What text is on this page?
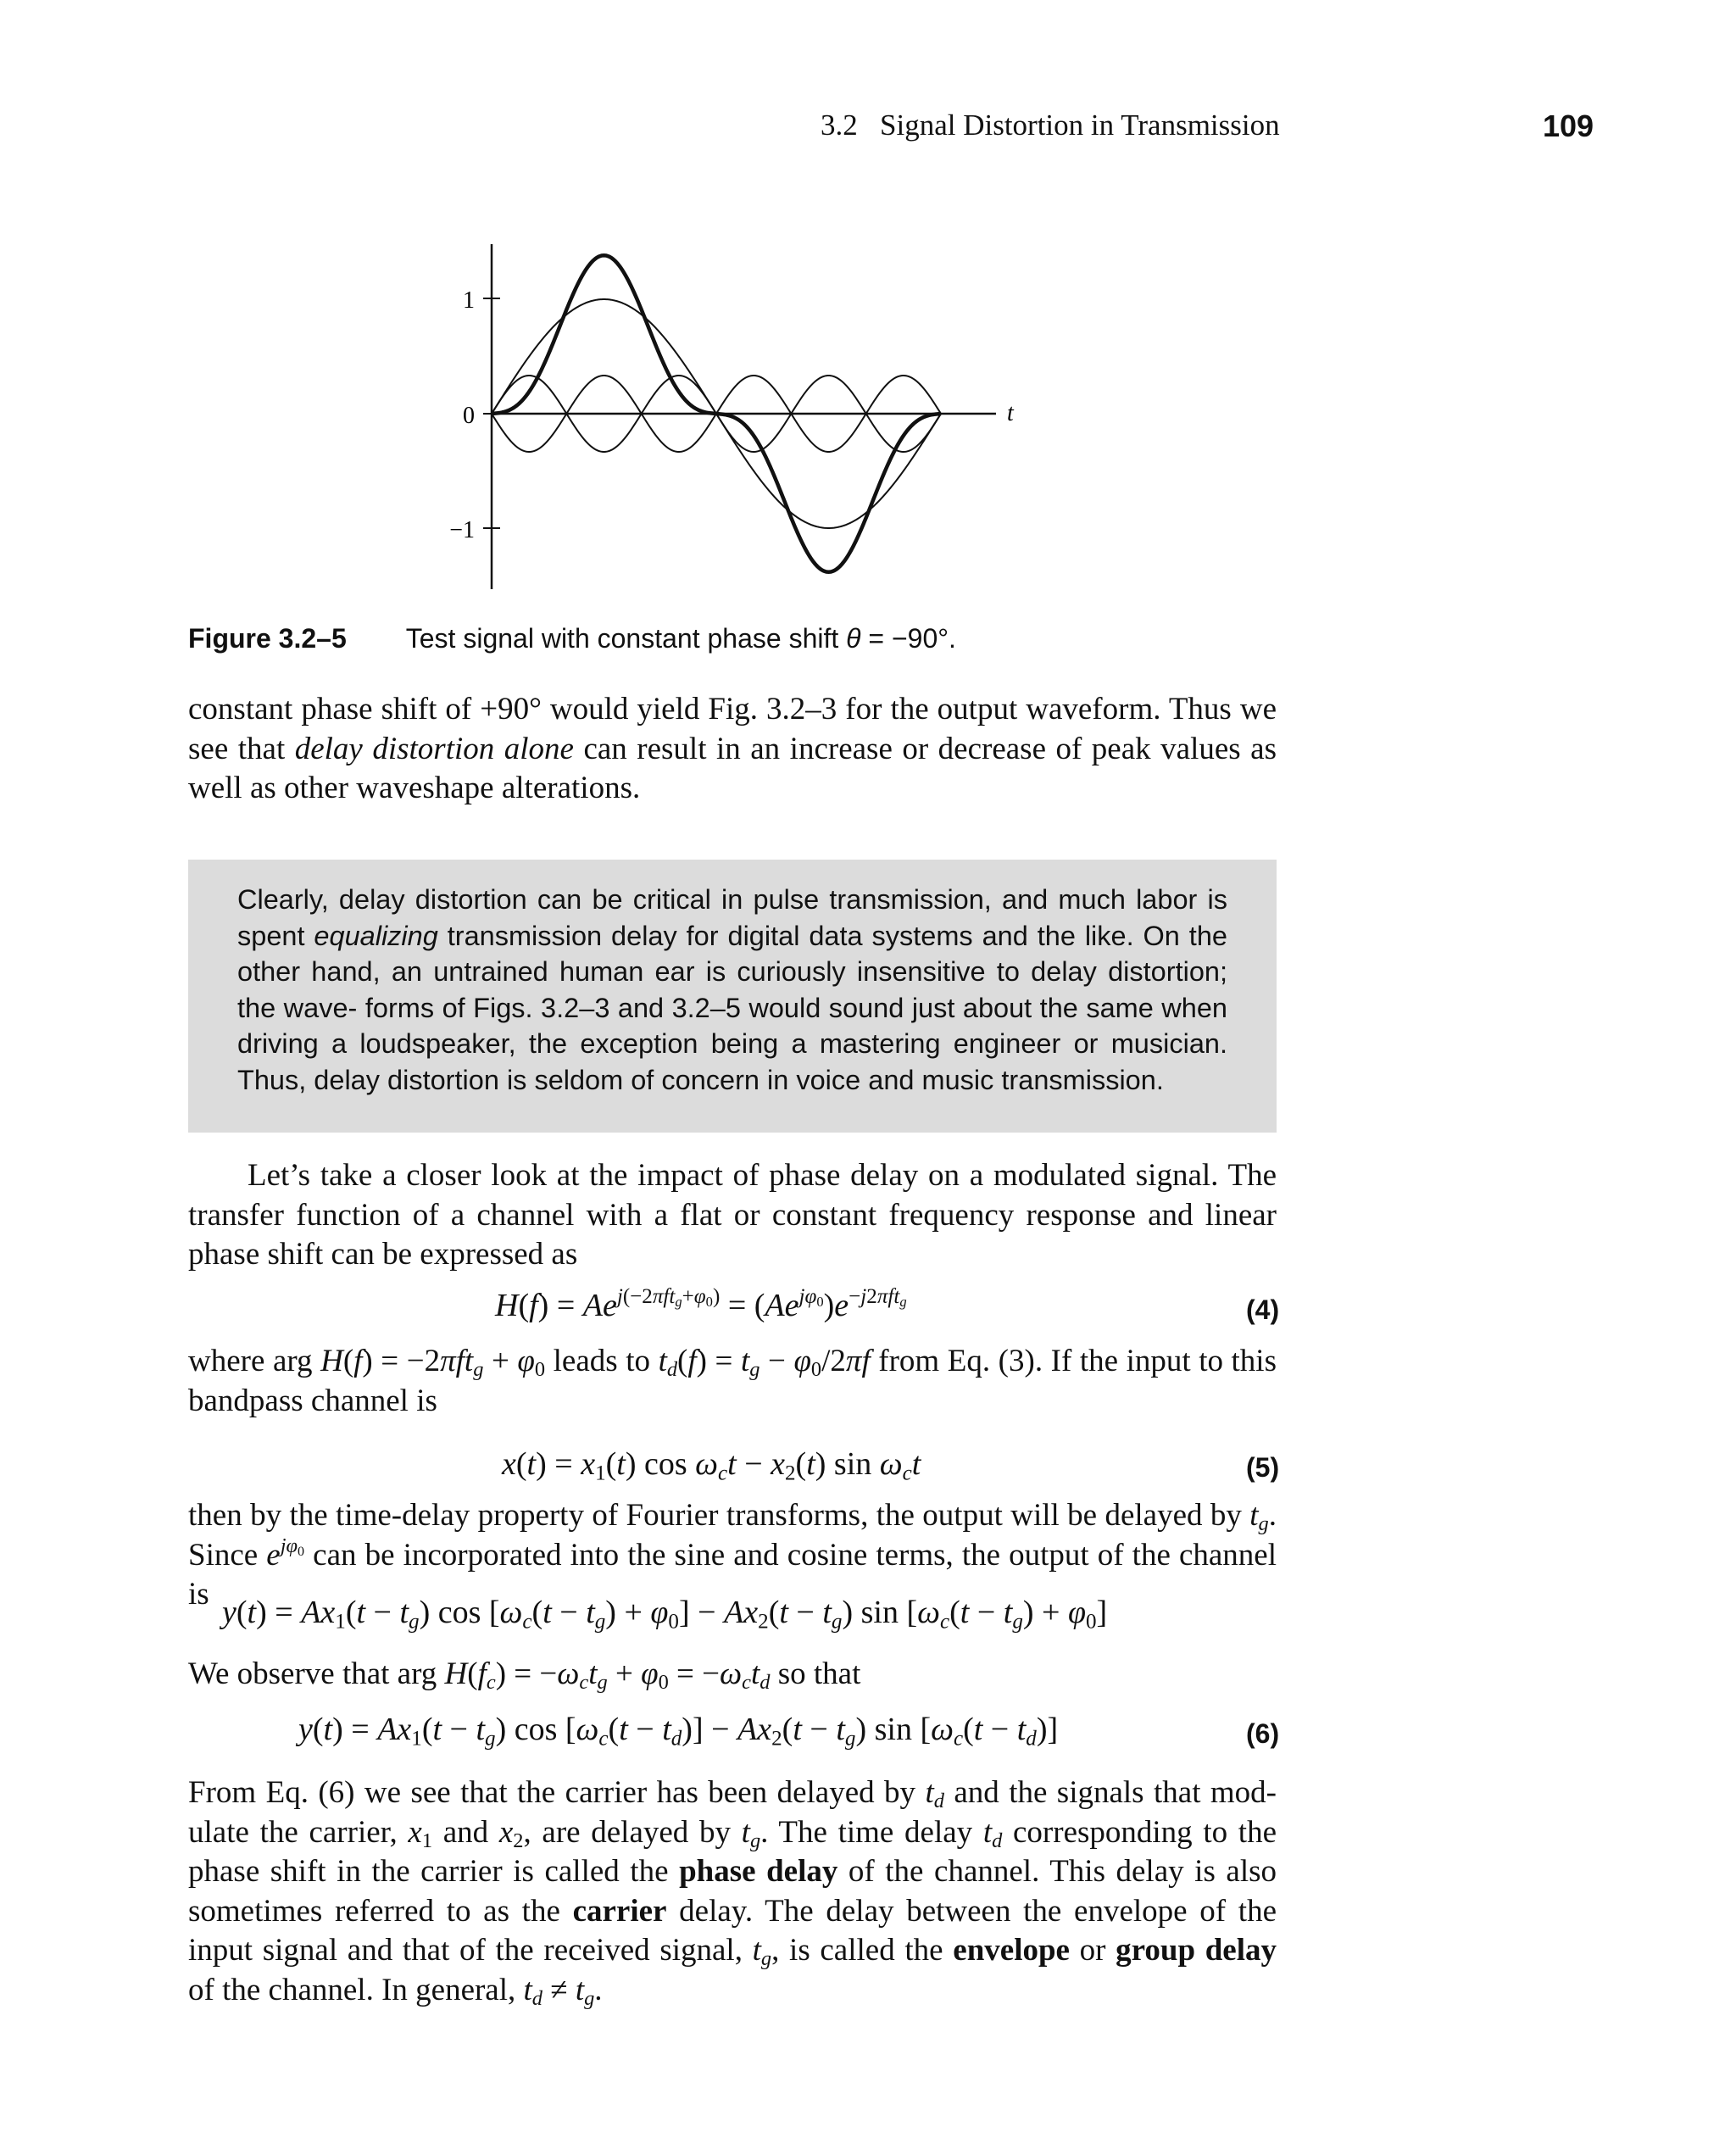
3.2   Signal Distortion in Transmission	109
1
0
−1
t
Figure 3.2–5 Test signal with constant phase shift θ = −90°.
constant phase shift of +90° would yield Fig. 3.2–3 for the output waveform. Thus we see that delay distortion alone can result in an increase or decrease of peak values as well as other waveshape alterations.
Clearly, delay distortion can be critical in pulse transmission, and much labor is spent equalizing transmission delay for digital data systems and the like. On the other hand, an untrained human ear is curiously insensitive to delay distortion; the wave- forms of Figs. 3.2–3 and 3.2–5 would sound just about the same when driving a loudspeaker, the exception being a mastering engineer or musician. Thus, delay distortion is seldom of concern in voice and music transmission.
Let’s take a closer look at the impact of phase delay on a modulated signal. The transfer function of a channel with a flat or constant frequency response and linear phase shift can be expressed as
$H(f) = Ae^{j(-2\pi ft_g+\varphi_0)} = (Ae^{j\varphi_0})e^{-j2\pi ft_g}$	(4)
where arg $H(f) = -2\pi ft_g + \varphi_0$ leads to $t_d(f) = t_g - \varphi_0/2\pi f$ from Eq. (3). If the input to this bandpass channel is
$x(t) = x_1(t)$ $\cos \omega_ct - x_2(t)$ $\sin \omega_ct$	(5)
then by the time-delay property of Fourier transforms, the output will be delayed by $t_g$. Since $e^{j\varphi_0}$ can be incorporated into the sine and cosine terms, the output of the channel is
$y(t) = Ax_1(t - t_g)$ $\cos [\omega_c(t - t_g) + \varphi_0] - Ax_2(t - t_g)$ $\sin [\omega_c(t - t_g) + \varphi_0]$
We observe that arg $H(f_c) = -\omega_ct_g + \varphi_0 = -\omega_ct_d$ so that
$y(t) = Ax_1(t - t_g)$ $\cos [\omega_c(t - t_d)] - Ax_2(t - t_g)$ $\sin [\omega_c(t - t_d)]$	(6)
From Eq. (6) we see that the carrier has been delayed by $t_d$ and the signals that mod- ulate the carrier, $x_1$ and $x_2$, are delayed by $t_g$. The time delay $t_d$ corresponding to the phase shift in the carrier is called the phase delay of the channel. This delay is also sometimes referred to as the carrier delay. The delay between the envelope of the input signal and that of the received signal, $t_g$, is called the envelope or group delay of the channel. In general, $t_d \ne t_g$.
